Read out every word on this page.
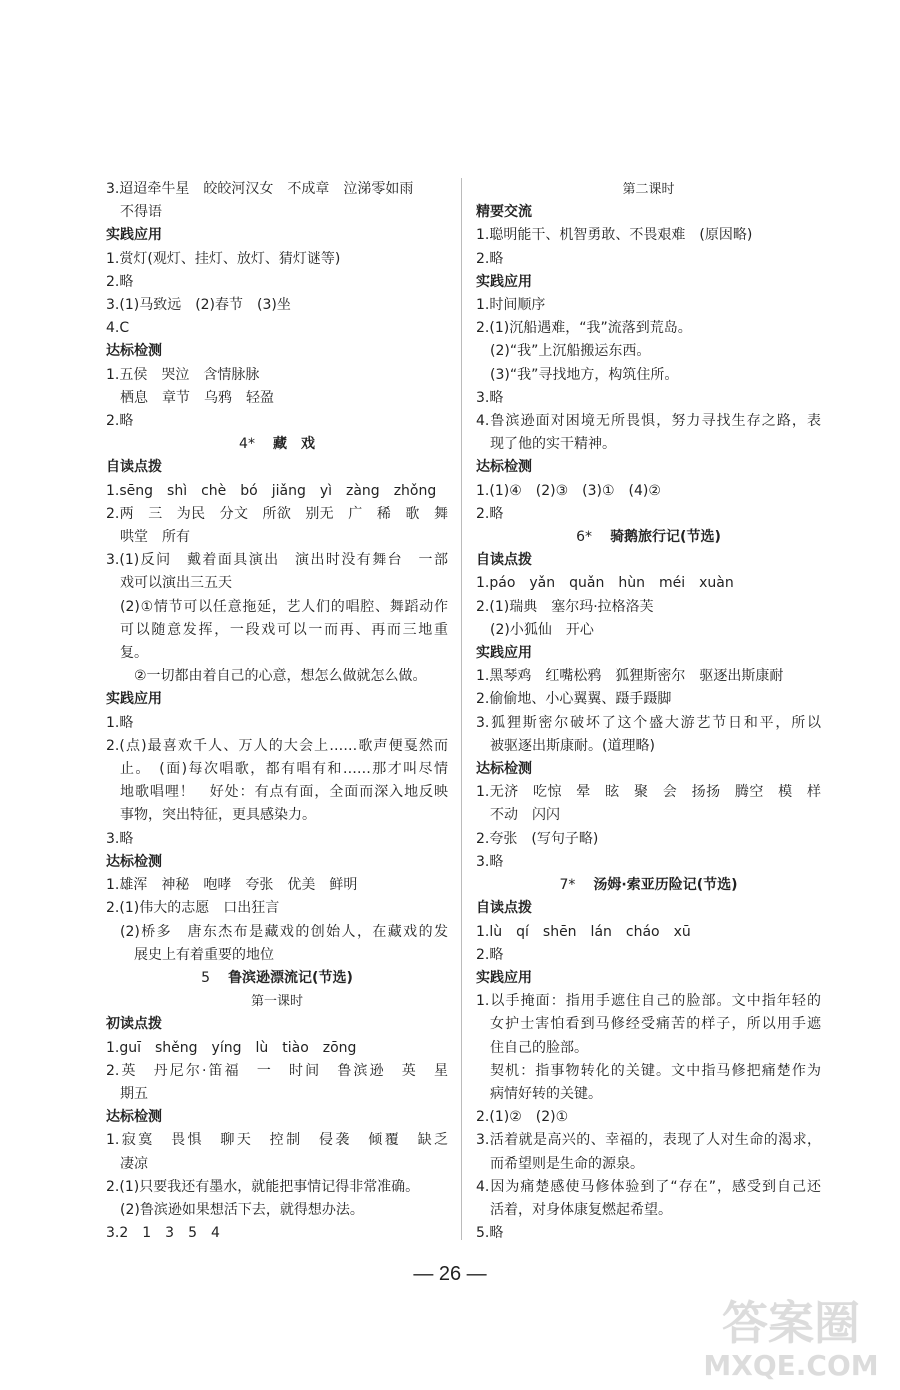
3.迢迢牵牛星　皎皎河汉女　不成章　泣涕零如雨
不得语
实践应用
1.赏灯(观灯、挂灯、放灯、猜灯谜等)
2.略
3.(1)马致远　(2)春节　(3)坐
4.C
达标检测
1.五侯　哭泣　含情脉脉
栖息　章节　乌鸦　轻盈
2.略
4* 藏　戏
自读点拨
1.sēng　shì　chè　bó　jiǎng　yì　zàng　zhǒng
2.两　三　为民　分文　所欲　别无　广　稀　歌　舞
哄堂　所有
3.(1)反问　戴着面具演出　演出时没有舞台　一部
戏可以演出三五天
(2)①情节可以任意拖延，艺人们的唱腔、舞蹈动作
可以随意发挥，一段戏可以一而再、再而三地重
复。
②一切都由着自己的心意，想怎么做就怎么做。
实践应用
1.略
2.(点)最喜欢千人、万人的大会上……歌声便戛然而
止。　(面)每次唱歌，都有唱有和……那才叫尽情
地歌唱哩！　好处：有点有面，全面而深入地反映
事物，突出特征，更具感染力。
3.略
达标检测
1.雄浑　神秘　咆哮　夸张　优美　鲜明
2.(1)伟大的志愿　口出狂言
(2)桥多　唐东杰布是藏戏的创始人，在藏戏的发
展史上有着重要的地位
5 鲁滨逊漂流记(节选)
第一课时
初读点拨
1.guī　shěng　yíng　lù　tiào　zōng
2.英　丹尼尔·笛福　一　时间　鲁滨逊　英　星
期五
达标检测
1.寂寞　畏惧　聊天　控制　侵袭　倾覆　缺乏
凄凉
2.(1)只要我还有墨水，就能把事情记得非常准确。
(2)鲁滨逊如果想活下去，就得想办法。
3.2　1　3　5　4
第二课时
精要交流
1.聪明能干、机智勇敢、不畏艰难　(原因略)
2.略
实践应用
1.时间顺序
2.(1)沉船遇难，“我”流落到荒岛。
(2)“我”上沉船搬运东西。
(3)“我”寻找地方，构筑住所。
3.略
4.鲁滨逊面对困境无所畏惧，努力寻找生存之路，表
现了他的实干精神。
达标检测
1.(1)④　(2)③　(3)①　(4)②
2.略
6* 骑鹅旅行记(节选)
自读点拨
1.páo　yǎn　quǎn　hùn　méi　xuàn
2.(1)瑞典　塞尔玛·拉格洛芙
(2)小狐仙　开心
实践应用
1.黑琴鸡　红嘴松鸦　狐狸斯密尔　驱逐出斯康耐
2.偷偷地、小心翼翼、蹑手蹑脚
3.狐狸斯密尔破坏了这个盛大游艺节日和平，所以
被驱逐出斯康耐。(道理略)
达标检测
1.无济　吃惊　晕　眩　聚　会　扬扬　腾空　模　样
不动　闪闪
2.夸张　(写句子略)
3.略
7* 汤姆·索亚历险记(节选)
自读点拨
1.lù　qí　shēn　lán　cháo　xū
2.略
实践应用
1.以手掩面：指用手遮住自己的脸部。文中指年轻的
女护士害怕看到马修经受痛苦的样子，所以用手遮
住自己的脸部。
契机：指事物转化的关键。文中指马修把痛楚作为
病情好转的关键。
2.(1)②　(2)①
3.活着就是高兴的、幸福的，表现了人对生命的渴求，
而希望则是生命的源泉。
4.因为痛楚感使马修体验到了“存在”，感受到自己还
活着，对身体康复燃起希望。
5.略
— 26 —
答案圈
MXQE.COM
